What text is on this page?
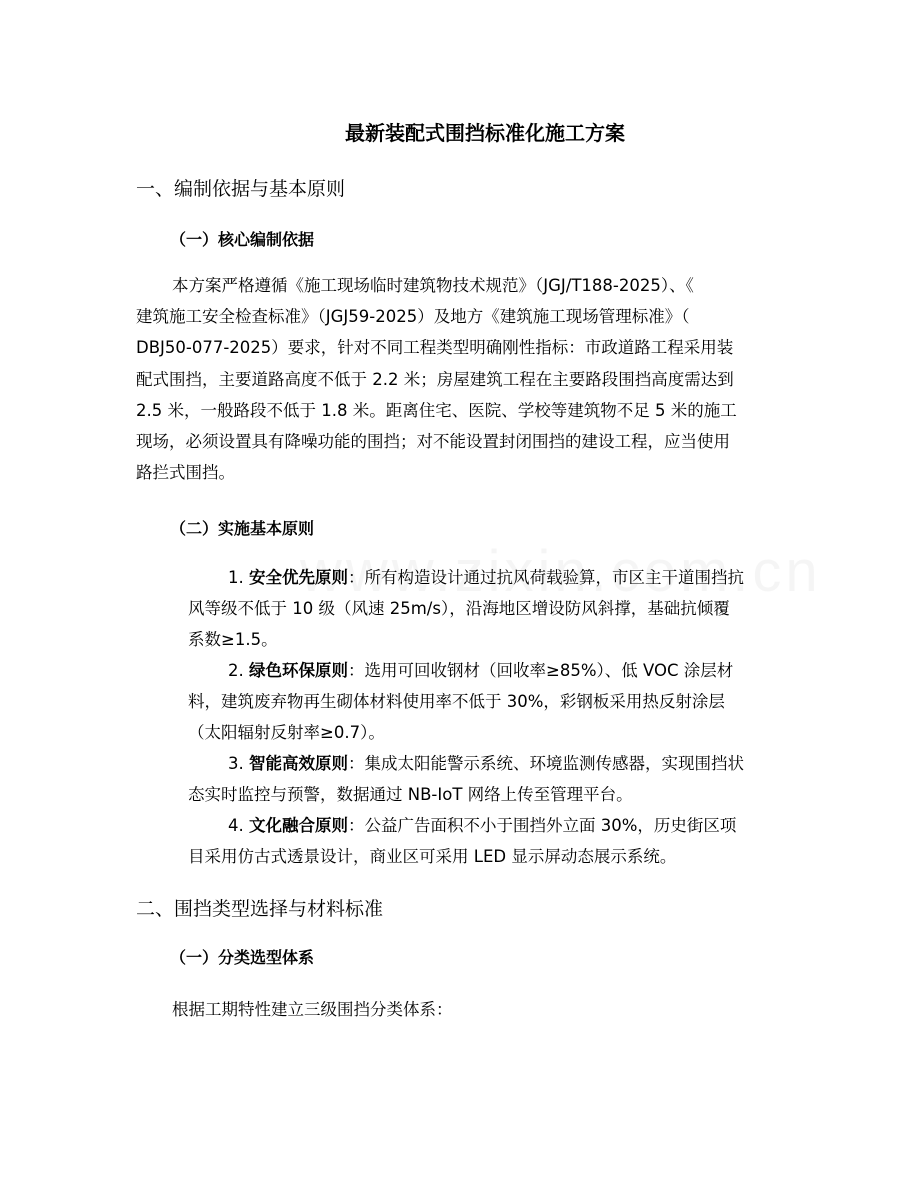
最新装配式围挡标准化施工方案
一、编制依据与基本原则
（一）核心编制依据
本方案严格遵循《施工现场临时建筑物技术规范》（JGJ/T188-2025）、《
建筑施工安全检查标准》（JGJ59-2025）及地方《建筑施工现场管理标准》（
DBJ50-077-2025）要求，针对不同工程类型明确刚性指标：市政道路工程采用装
配式围挡，主要道路高度不低于 2.2 米；房屋建筑工程在主要路段围挡高度需达到
2.5 米，一般路段不低于 1.8 米。距离住宅、医院、学校等建筑物不足 5 米的施工
现场，必须设置具有降噪功能的围挡；对不能设置封闭围挡的建设工程，应当使用
路拦式围挡。
（二）实施基本原则
1. 安全优先原则：所有构造设计通过抗风荷载验算，市区主干道围挡抗
风等级不低于 10 级（风速 25m/s），沿海地区增设防风斜撑，基础抗倾覆
系数≥1.5。
2. 绿色环保原则：选用可回收钢材（回收率≥85%）、低 VOC 涂层材
料，建筑废弃物再生砌体材料使用率不低于 30%，彩钢板采用热反射涂层
（太阳辐射反射率≥0.7）。
3. 智能高效原则：集成太阳能警示系统、环境监测传感器，实现围挡状
态实时监控与预警，数据通过 NB-IoT 网络上传至管理平台。
4. 文化融合原则：公益广告面积不小于围挡外立面 30%，历史街区项
目采用仿古式透景设计，商业区可采用 LED 显示屏动态展示系统。
二、围挡类型选择与材料标准
（一）分类选型体系
根据工期特性建立三级围挡分类体系：
